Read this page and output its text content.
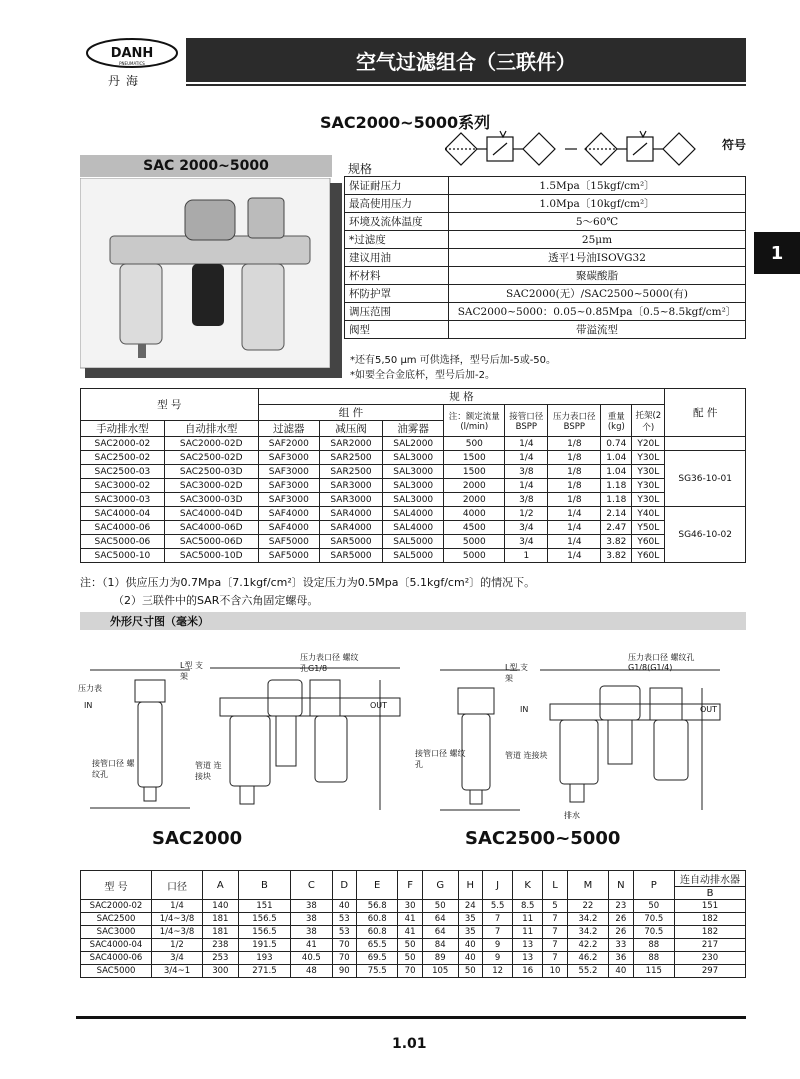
DANH
PNEUMATICS
丹海
空气过滤组合（三联件）
SAC2000~5000系列
符号
1
SAC 2000~5000	规格
保证耐压力	1.5Mpa〔15kgf/cm²〕
最高使用压力	1.0Mpa〔10kgf/cm²〕
环境及流体温度	5～60℃
*过滤度	25μm
建议用油	透平1号油ISOVG32
杯材料	聚碳酸脂
杯防护罩	SAC2000(无）/SAC2500~5000(有)
调压范围	SAC2000~5000：0.05~0.85Mpa〔0.5~8.5kgf/cm²〕
阀型	带溢流型
*还有5,50 μm 可供选择，型号后加-5或-50。
*如要全合金底杯，型号后加-2。
型 号		规 格								配 件
		组 件			注：额定流量(l/min)	接管口径BSPP	压力表口径BSPP	重量(kg)	托架(2个)	
手动排水型	自动排水型	过滤器	减压阀	油雾器						
SAC2000-02	SAC2000-02D	SAF2000	SAR2000	SAL2000	500	1/4	1/8	0.74	Y20L	
SAC2500-02	SAC2500-02D	SAF3000	SAR2500	SAL3000	1500	1/4	1/8	1.04	Y30L	SG36-10-01
SAC2500-03	SAC2500-03D	SAF3000	SAR2500	SAL3000	1500	3/8	1/8	1.04	Y30L	
SAC3000-02	SAC3000-02D	SAF3000	SAR3000	SAL3000	2000	1/4	1/8	1.18	Y30L	
SAC3000-03	SAC3000-03D	SAF3000	SAR3000	SAL3000	2000	3/8	1/8	1.18	Y30L	
SAC4000-04	SAC4000-04D	SAF4000	SAR4000	SAL4000	4000	1/2	1/4	2.14	Y40L	SG46-10-02
SAC4000-06	SAC4000-06D	SAF4000	SAR4000	SAL4000	4500	3/4	1/4	2.47	Y50L	
SAC5000-06	SAC5000-06D	SAF5000	SAR5000	SAL5000	5000	3/4	1/4	3.82	Y60L	
SAC5000-10	SAC5000-10D	SAF5000	SAR5000	SAL5000	5000	1	1/4	3.82	Y60L	
注：（1）供应压力为0.7Mpa〔7.1kgf/cm²〕设定压力为0.5Mpa〔5.1kgf/cm²〕的情况下。
（2）三联件中的SAR不含六角固定螺母。
外形尺寸图（毫米）
IN	OUT	IN	OUT
压力表
L型 支架
压力表口径 螺纹孔G1/8
接管口径 螺纹孔
管道 连接块
压力表口径 螺纹孔G1/8(G1/4)
L型 支架
接管口径 螺纹孔
管道 连接块
排水
SAC2000	SAC2500~5000
型 号	口径	A	B	C	D	E	F	G	H	J	K	L	M	N	P	连自动排水器
																B
SAC2000-02	1/4	140	151	38	40	56.8	30	50	24	5.5	8.5	5	22	23	50	151
SAC2500	1/4~3/8	181	156.5	38	53	60.8	41	64	35	7	11	7	34.2	26	70.5	182
SAC3000	1/4~3/8	181	156.5	38	53	60.8	41	64	35	7	11	7	34.2	26	70.5	182
SAC4000-04	1/2	238	191.5	41	70	65.5	50	84	40	9	13	7	42.2	33	88	217
SAC4000-06	3/4	253	193	40.5	70	69.5	50	89	40	9	13	7	46.2	36	88	230
SAC5000	3/4~1	300	271.5	48	90	75.5	70	105	50	12	16	10	55.2	40	115	297
1.01
